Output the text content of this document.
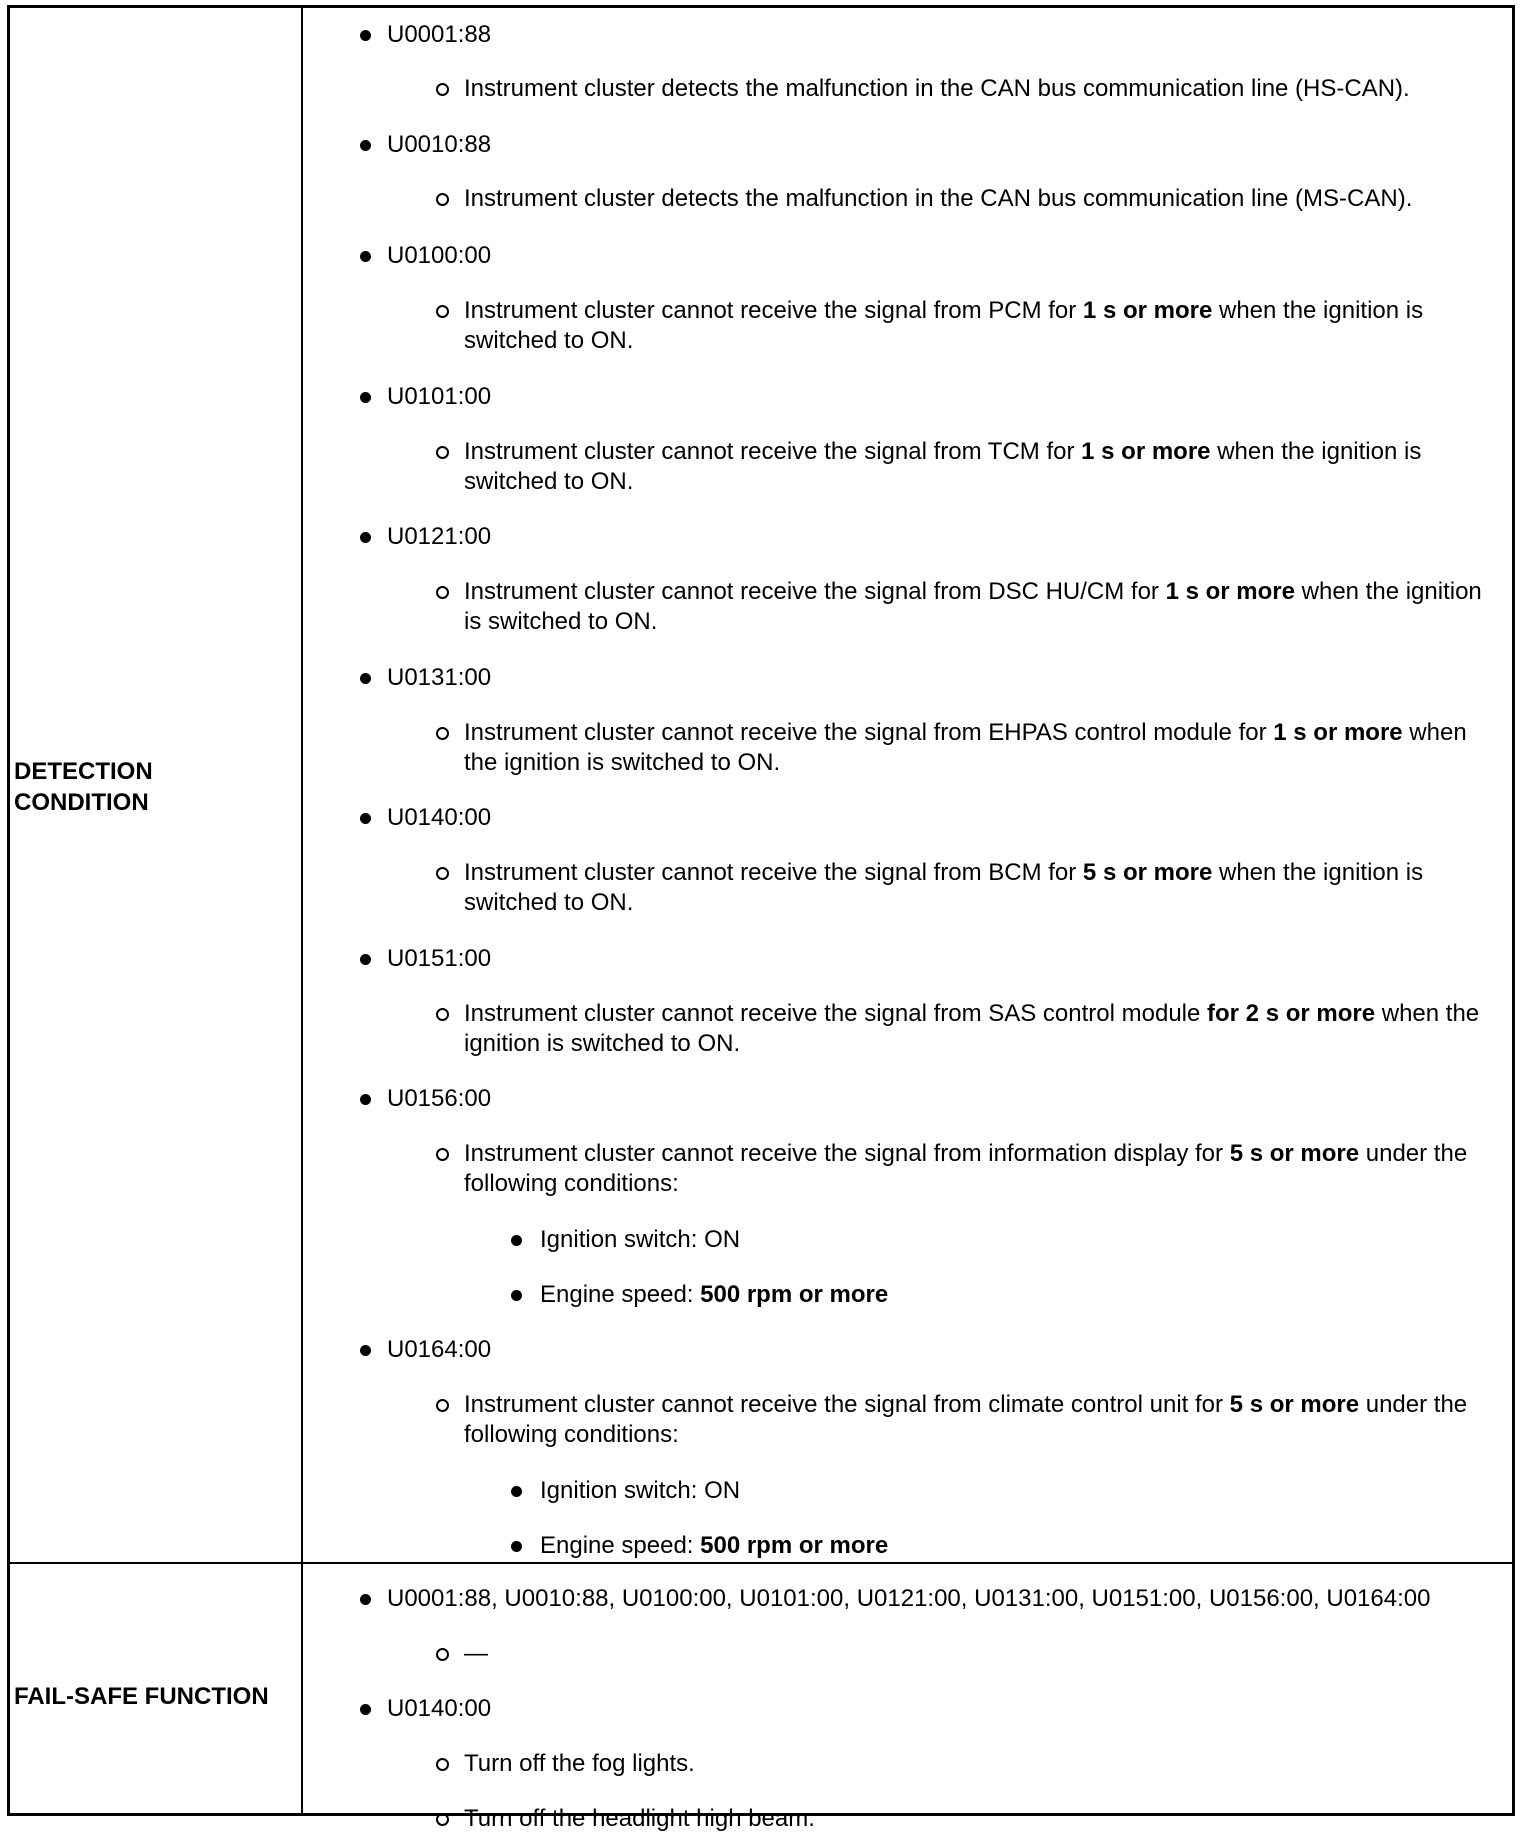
DETECTION
CONDITION
U0001:88
Instrument cluster detects the malfunction in the CAN bus communication line (HS-CAN).
U0010:88
Instrument cluster detects the malfunction in the CAN bus communication line (MS-CAN).
U0100:00
Instrument cluster cannot receive the signal from PCM for 1 s or more when the ignition is switched to ON.
U0101:00
Instrument cluster cannot receive the signal from TCM for 1 s or more when the ignition is switched to ON.
U0121:00
Instrument cluster cannot receive the signal from DSC HU/CM for 1 s or more when the ignition is switched to ON.
U0131:00
Instrument cluster cannot receive the signal from EHPAS control module for 1 s or more when the ignition is switched to ON.
U0140:00
Instrument cluster cannot receive the signal from BCM for 5 s or more when the ignition is switched to ON.
U0151:00
Instrument cluster cannot receive the signal from SAS control module for 2 s or more when the ignition is switched to ON.
U0156:00
Instrument cluster cannot receive the signal from information display for 5 s or more under the following conditions:
Ignition switch: ON
Engine speed: 500 rpm or more
U0164:00
Instrument cluster cannot receive the signal from climate control unit for 5 s or more under the following conditions:
Ignition switch: ON
Engine speed: 500 rpm or more
FAIL-SAFE FUNCTION
U0001:88, U0010:88, U0100:00, U0101:00, U0121:00, U0131:00, U0151:00, U0156:00, U0164:00
—
U0140:00
Turn off the fog lights.
Turn off the headlight high beam.
